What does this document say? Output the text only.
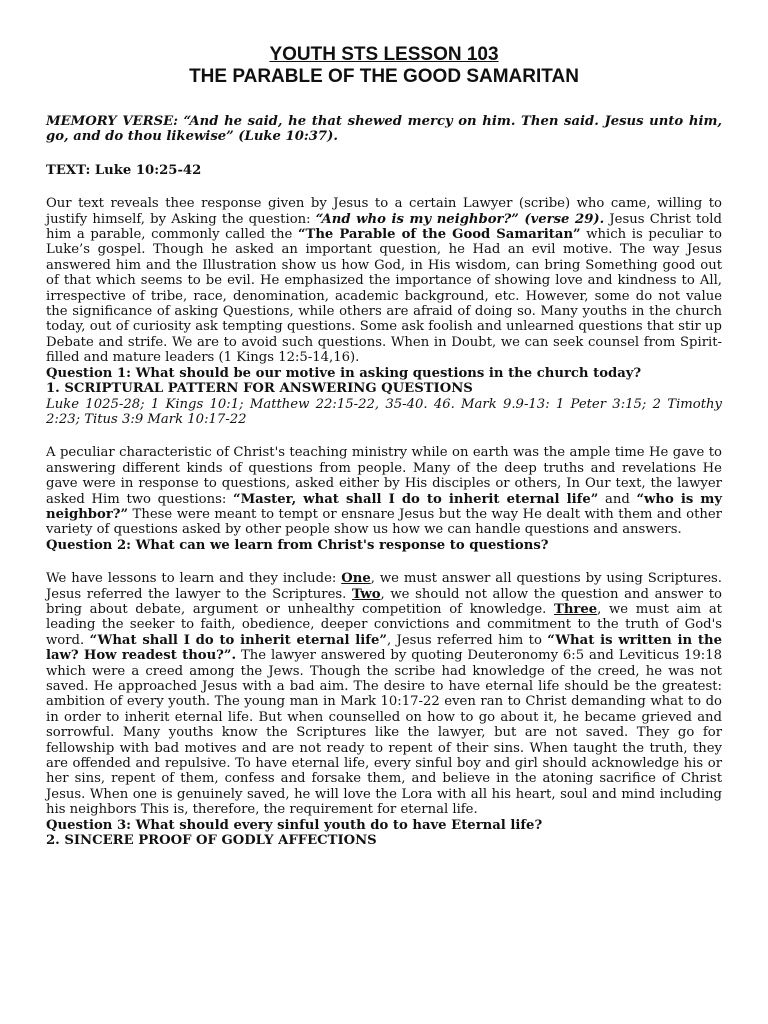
YOUTH STS LESSON 103
THE PARABLE OF THE GOOD SAMARITAN

MEMORY VERSE: “And he said, he that shewed mercy on him. Then said. Jesus unto him, go, and do thou likewise” (Luke 10:37).

TEXT: Luke 10:25-42

Our text reveals thee response given by Jesus to a certain Lawyer (scribe) who came, willing to justify himself, by Asking the question: “And who is my neighbor?” (verse 29). Jesus Christ told him a parable, commonly called the “The Parable of the Good Samaritan” which is peculiar to Luke’s gospel. Though he asked an important question, he Had an evil motive. The way Jesus answered him and the Illustration show us how God, in His wisdom, can bring Something good out of that which seems to be evil. He emphasized the importance of showing love and kindness to All, irrespective of tribe, race, denomination, academic background, etc. However, some do not value the significance of asking Questions, while others are afraid of doing so. Many youths in the church today, out of curiosity ask tempting questions. Some ask foolish and unlearned questions that stir up Debate and strife. We are to avoid such questions. When in Doubt, we can seek counsel from Spirit-filled and mature leaders (1 Kings 12:5-14,16).

Question 1: What should be our motive in asking questions in the church today?

1. SCRIPTURAL PATTERN FOR ANSWERING QUESTIONS

Luke 1025-28; 1 Kings 10:1; Matthew 22:15-22, 35-40. 46. Mark 9.9-13: 1 Peter 3:15; 2 Timothy 2:23; Titus 3:9 Mark 10:17-22

A peculiar characteristic of Christ's teaching ministry while on earth was the ample time He gave to answering different kinds of questions from people. Many of the deep truths and revelations He gave were in response to questions, asked either by His disciples or others, In Our text, the lawyer asked Him two questions: “Master, what shall I do to inherit eternal life” and “who is my neighbor?” These were meant to tempt or ensnare Jesus but the way He dealt with them and other variety of questions asked by other people show us how we can handle questions and answers.

Question 2: What can we learn from Christ's response to questions?

We have lessons to learn and they include: One, we must answer all questions by using Scriptures. Jesus referred the lawyer to the Scriptures. Two, we should not allow the question and answer to bring about debate, argument or unhealthy competition of knowledge. Three, we must aim at leading the seeker to faith, obedience, deeper convictions and commitment to the truth of God's word. “What shall I do to inherit eternal life”, Jesus referred him to “What is written in the law? How readest thou?”. The lawyer answered by quoting Deuteronomy 6:5 and Leviticus 19:18 which were a creed among the Jews. Though the scribe had knowledge of the creed, he was not saved. He approached Jesus with a bad aim. The desire to have eternal life should be the greatest: ambition of every youth. The young man in Mark 10:17-22 even ran to Christ demanding what to do in order to inherit eternal life. But when counselled on how to go about it, he became grieved and sorrowful. Many youths know the Scriptures like the lawyer, but are not saved. They go for fellowship with bad motives and are not ready to repent of their sins. When taught the truth, they are offended and repulsive. To have eternal life, every sinful boy and girl should acknowledge his or her sins, repent of them, confess and forsake them, and believe in the atoning sacrifice of Christ Jesus. When one is genuinely saved, he will love the Lora with all his heart, soul and mind including his neighbors This is, therefore, the requirement for eternal life.

Question 3: What should every sinful youth do to have Eternal life?

2. SINCERE PROOF OF GODLY AFFECTIONS
